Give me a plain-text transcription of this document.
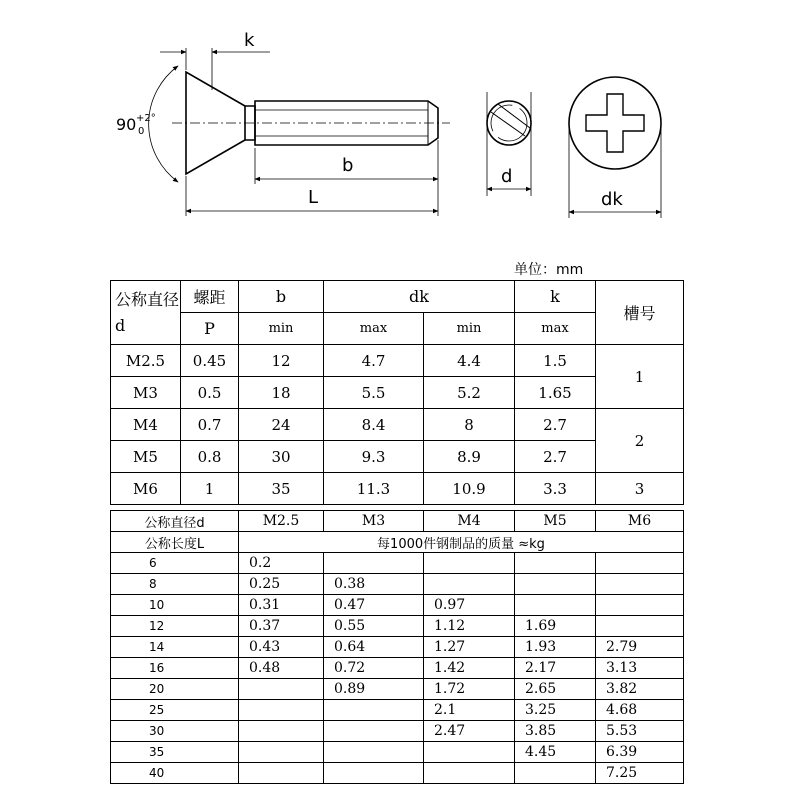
k
90 +2°
0
b
L
d
dk
单位：mm
公称直径 d	螺距	b	dk		k	槽号
	P	min	max	min	max	
M2.5	0.45	12	4.7	4.4	1.5	1
M3	0.5	18	5.5	5.2	1.65	
M4	0.7	24	8.4	8	2.7	2
M5	0.8	30	9.3	8.9	2.7	
M6	1	35	11.3	10.9	3.3	3
公称直径d	M2.5	M3	M4	M5	M6
公称长度L	每1000件钢制品的质量 ≈kg				
6	0.2				
8	0.25	0.38			
10	0.31	0.47	0.97		
12	0.37	0.55	1.12	1.69	
14	0.43	0.64	1.27	1.93	2.79
16	0.48	0.72	1.42	2.17	3.13
20		0.89	1.72	2.65	3.82
25			2.1	3.25	4.68
30			2.47	3.85	5.53
35				4.45	6.39
40					7.25
